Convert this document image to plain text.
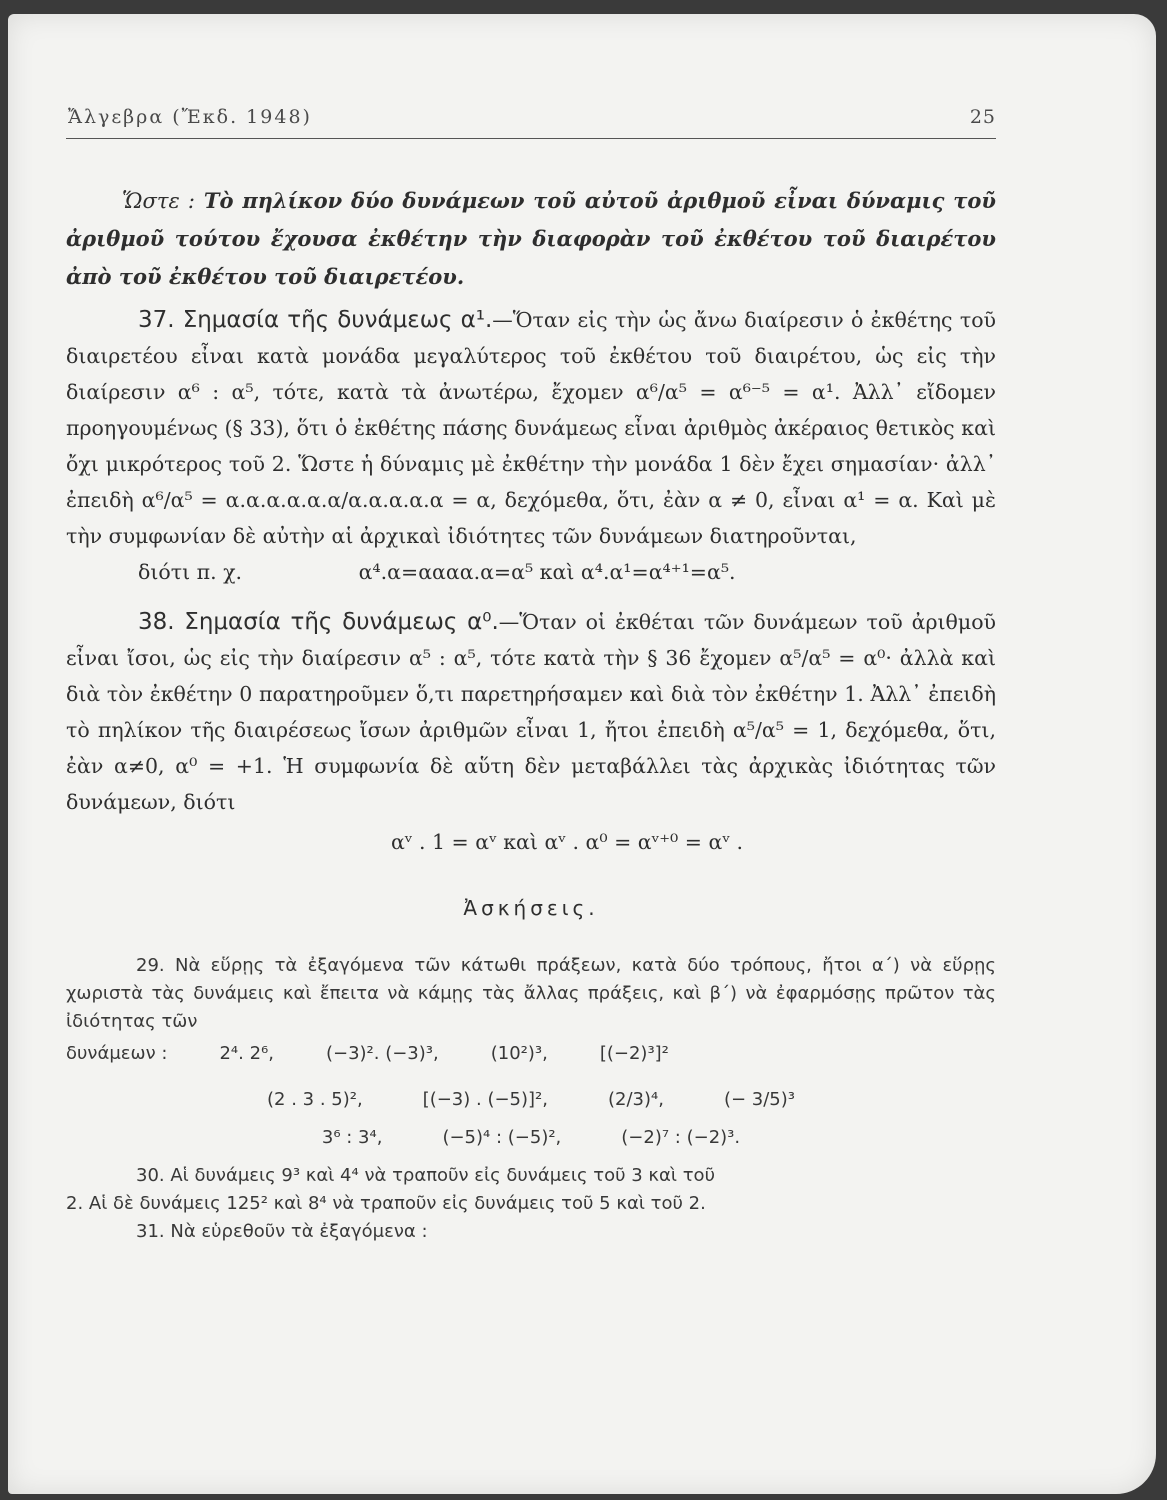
Ἄλγεβρα (Ἔκδ. 1948)	25

Ὥστε : Τὸ πηλίκον δύο δυνάμεων τοῦ αὐτοῦ ἀριθμοῦ εἶναι δύναμις τοῦ ἀριθμοῦ τούτου ἔχουσα ἐκθέτην τὴν διαφορὰν τοῦ ἐκθέτου τοῦ διαιρέτου ἀπὸ τοῦ ἐκθέτου τοῦ διαιρετέου.

37. Σημασία τῆς δυνάμεως α¹.—Ὅταν εἰς τὴν ὡς ἄνω διαίρεσιν ὁ ἐκθέτης τοῦ διαιρετέου εἶναι κατὰ μονάδα μεγαλύτερος τοῦ ἐκθέτου τοῦ διαιρέτου, ὡς εἰς τὴν διαίρεσιν α⁶ : α⁵, τότε, κατὰ τὰ ἀνωτέρω, ἔχομεν α⁶/α⁵ = α⁶⁻⁵ = α¹. Ἀλλ᾽ εἴδομεν προηγουμένως (§ 33), ὅτι ὁ ἐκθέτης πάσης δυνάμεως εἶναι ἀριθμὸς ἀκέραιος θετικὸς καὶ ὄχι μικρότερος τοῦ 2. Ὥστε ἡ δύναμις μὲ ἐκθέτην τὴν μονάδα 1 δὲν ἔχει σημασίαν· ἀλλ᾽ ἐπειδὴ α⁶/α⁵ = α.α.α.α.α.α/α.α.α.α.α = α, δεχόμεθα, ὅτι, ἐὰν α ≠ 0, εἶναι α¹ = α. Καὶ μὲ τὴν συμφωνίαν δὲ αὐτὴν αἱ ἀρχικαὶ ἰδιότητες τῶν δυνάμεων διατηροῦνται,
διότι π. χ.	α⁴.α=αααα.α=α⁵ καὶ α⁴.α¹=α⁴⁺¹=α⁵.

38. Σημασία τῆς δυνάμεως α⁰.—Ὅταν οἱ ἐκθέται τῶν δυνάμεων τοῦ ἀριθμοῦ εἶναι ἴσοι, ὡς εἰς τὴν διαίρεσιν α⁵ : α⁵, τότε κατὰ τὴν § 36 ἔχομεν α⁵/α⁵ = α⁰· ἀλλὰ καὶ διὰ τὸν ἐκθέτην 0 παρατηροῦμεν ὅ,τι παρετηρήσαμεν καὶ διὰ τὸν ἐκθέτην 1. Ἀλλ᾽ ἐπειδὴ τὸ πηλίκον τῆς διαιρέσεως ἴσων ἀριθμῶν εἶναι 1, ἤτοι ἐπειδὴ α⁵/α⁵ = 1, δεχόμεθα, ὅτι, ἐὰν α≠0, α⁰ = +1. Ἡ συμφωνία δὲ αὕτη δὲν μεταβάλλει τὰς ἀρχικὰς ἰδιότητας τῶν δυνάμεων, διότι
αᵛ . 1 = αᵛ καὶ αᵛ . α⁰ = αᵛ⁺⁰ = αᵛ .

Ἀσκήσεις.

29. Νὰ εὕρῃς τὰ ἐξαγόμενα τῶν κάτωθι πράξεων, κατὰ δύο τρόπους, ἤτοι α΄) νὰ εὕρῃς χωριστὰ τὰς δυνάμεις καὶ ἔπειτα νὰ κάμῃς τὰς ἄλλας πράξεις, καὶ β΄) νὰ ἐφαρμόσῃς πρῶτον τὰς ἰδιότητας τῶν

δυνάμεων :	2⁴. 2⁶,	(−3)². (−3)³,	(10²)³,	[(−2)³]²
(2 . 3 . 5)²,	[(−3) . (−5)]²,	(2/3)⁴,	(− 3/5)³
3⁶ : 3⁴,	(−5)⁴ : (−5)²,	(−2)⁷ : (−2)³.

30. Αἱ δυνάμεις 9³ καὶ 4⁴ νὰ τραποῦν εἰς δυνάμεις τοῦ 3 καὶ τοῦ

2. Αἱ δὲ δυνάμεις 125² καὶ 8⁴ νὰ τραποῦν εἰς δυνάμεις τοῦ 5 καὶ τοῦ 2.

31. Νὰ εὑρεθοῦν τὰ ἐξαγόμενα :
